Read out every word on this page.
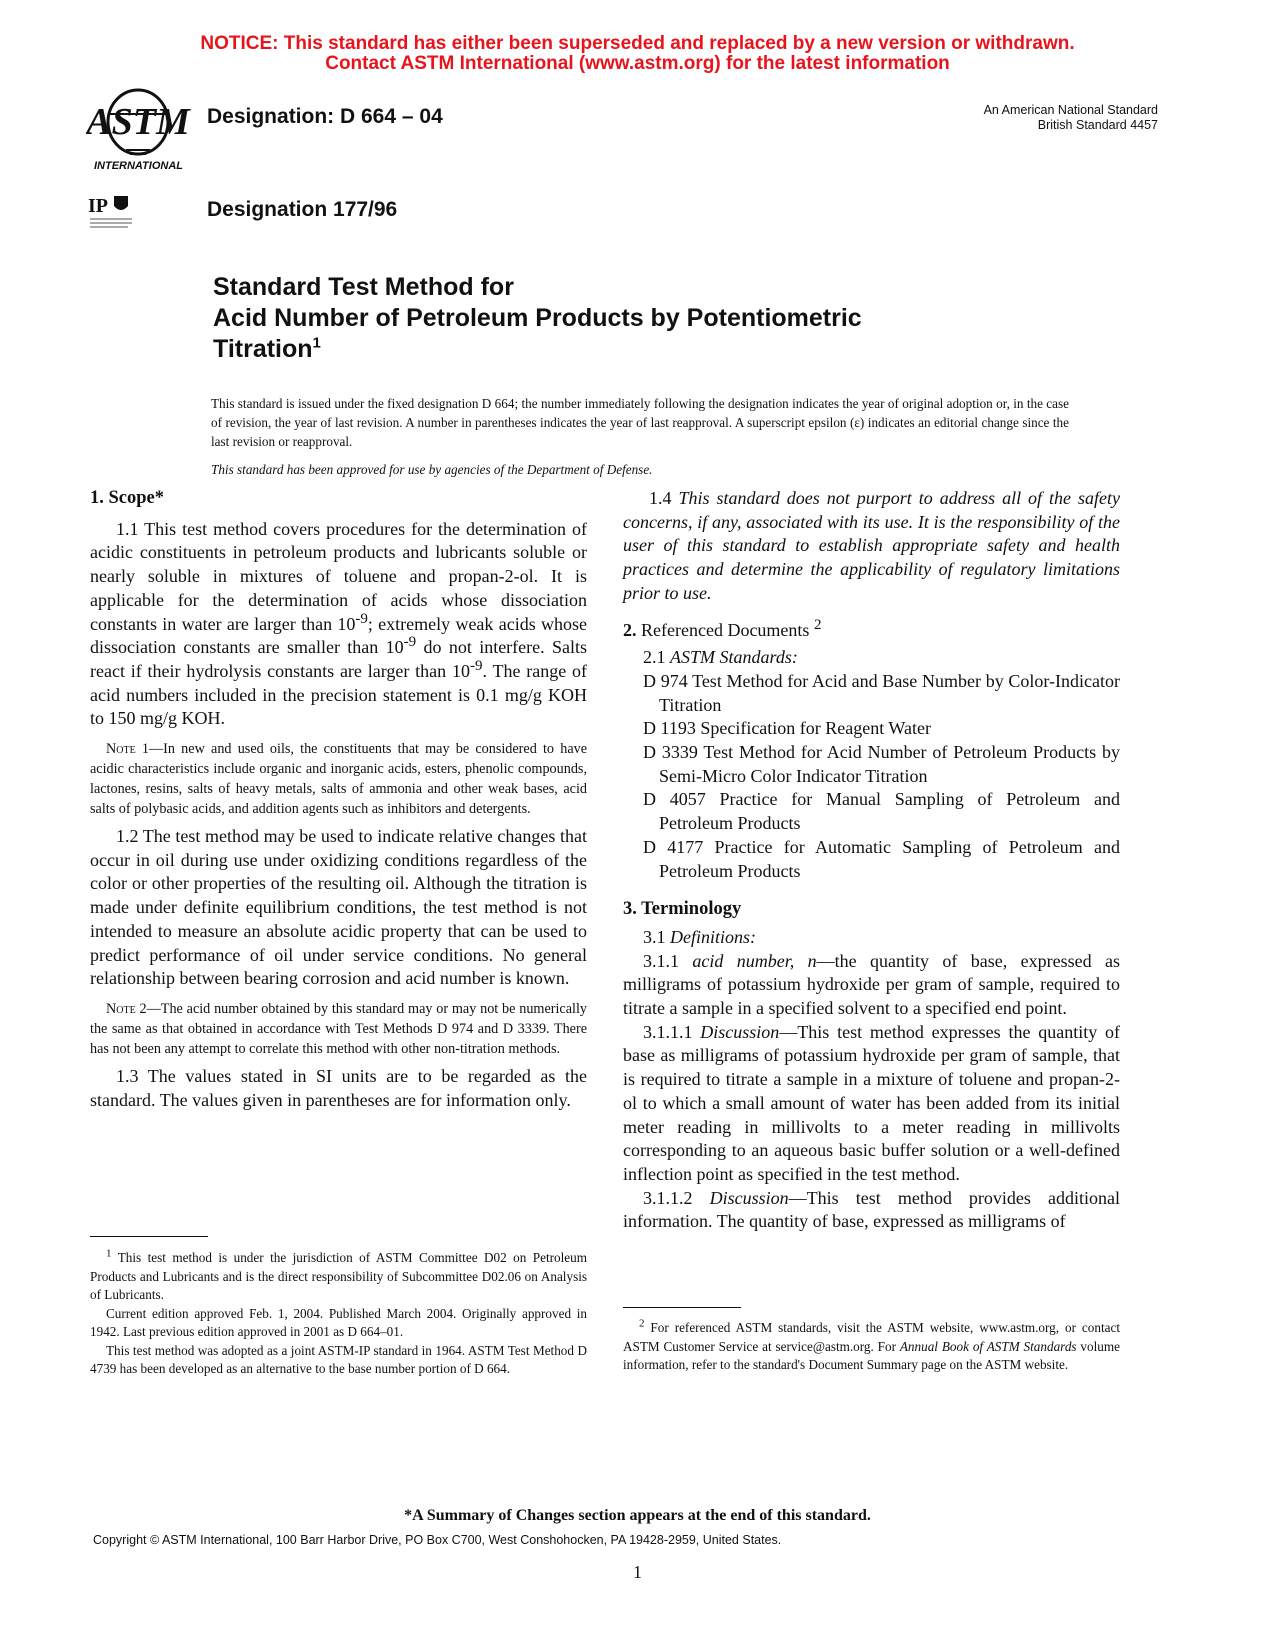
NOTICE: This standard has either been superseded and replaced by a new version or withdrawn.
Contact ASTM International (www.astm.org) for the latest information
ASTM
INTERNATIONAL
Designation: D 664 – 04	An American National Standard
British Standard 4457
IP	Designation 177/96
Standard Test Method for
Acid Number of Petroleum Products by Potentiometric
Titration$^1$
This standard is issued under the fixed designation D 664; the number immediately following the designation indicates the year of original adoption or, in the case of revision, the year of last revision. A number in parentheses indicates the year of last reapproval. A superscript epsilon (ε) indicates an editorial change since the last revision or reapproval.
This standard has been approved for use by agencies of the Department of Defense.
1. Scope*

1.1 This test method covers procedures for the determination of acidic constituents in petroleum products and lubricants soluble or nearly soluble in mixtures of toluene and propan-2-ol. It is applicable for the determination of acids whose dissociation constants in water are larger than $10^{-9}$; extremely weak acids whose dissociation constants are smaller than $10^{-9}$ do not interfere. Salts react if their hydrolysis constants are larger than $10^{-9}$. The range of acid numbers included in the precision statement is 0.1 mg/g KOH to 150 mg/g KOH.

Note 1—In new and used oils, the constituents that may be considered to have acidic characteristics include organic and inorganic acids, esters, phenolic compounds, lactones, resins, salts of heavy metals, salts of ammonia and other weak bases, acid salts of polybasic acids, and addition agents such as inhibitors and detergents.

1.2 The test method may be used to indicate relative changes that occur in oil during use under oxidizing conditions regardless of the color or other properties of the resulting oil. Although the titration is made under definite equilibrium conditions, the test method is not intended to measure an absolute acidic property that can be used to predict performance of oil under service conditions. No general relationship between bearing corrosion and acid number is known.

Note 2—The acid number obtained by this standard may or may not be numerically the same as that obtained in accordance with Test Methods D 974 and D 3339. There has not been any attempt to correlate this method with other non-titration methods.

1.3 The values stated in SI units are to be regarded as the standard. The values given in parentheses are for information only.

$^1$ This test method is under the jurisdiction of ASTM Committee D02 on Petroleum Products and Lubricants and is the direct responsibility of Subcommittee D02.06 on Analysis of Lubricants.

Current edition approved Feb. 1, 2004. Published March 2004. Originally approved in 1942. Last previous edition approved in 2001 as D 664–01.

This test method was adopted as a joint ASTM-IP standard in 1964. ASTM Test Method D 4739 has been developed as an alternative to the base number portion of D 664.

1.4 This standard does not purport to address all of the safety concerns, if any, associated with its use. It is the responsibility of the user of this standard to establish appropriate safety and health practices and determine the applicability of regulatory limitations prior to use.

2. Referenced Documents $^2$

2.1 ASTM Standards:

D 974 Test Method for Acid and Base Number by Color-Indicator Titration

D 1193 Specification for Reagent Water

D 3339 Test Method for Acid Number of Petroleum Products by Semi-Micro Color Indicator Titration

D 4057 Practice for Manual Sampling of Petroleum and Petroleum Products

D 4177 Practice for Automatic Sampling of Petroleum and Petroleum Products

3. Terminology

3.1 Definitions:

3.1.1 acid number, n—the quantity of base, expressed as milligrams of potassium hydroxide per gram of sample, required to titrate a sample in a specified solvent to a specified end point.

3.1.1.1 Discussion—This test method expresses the quantity of base as milligrams of potassium hydroxide per gram of sample, that is required to titrate a sample in a mixture of toluene and propan-2-ol to which a small amount of water has been added from its initial meter reading in millivolts to a meter reading in millivolts corresponding to an aqueous basic buffer solution or a well-defined inflection point as specified in the test method.

3.1.1.2 Discussion—This test method provides additional information. The quantity of base, expressed as milligrams of

$^2$ For referenced ASTM standards, visit the ASTM website, www.astm.org, or contact ASTM Customer Service at service@astm.org. For Annual Book of ASTM Standards volume information, refer to the standard's Document Summary page on the ASTM website.

*A Summary of Changes section appears at the end of this standard.
Copyright © ASTM International, 100 Barr Harbor Drive, PO Box C700, West Conshohocken, PA 19428-2959, United States.
1
